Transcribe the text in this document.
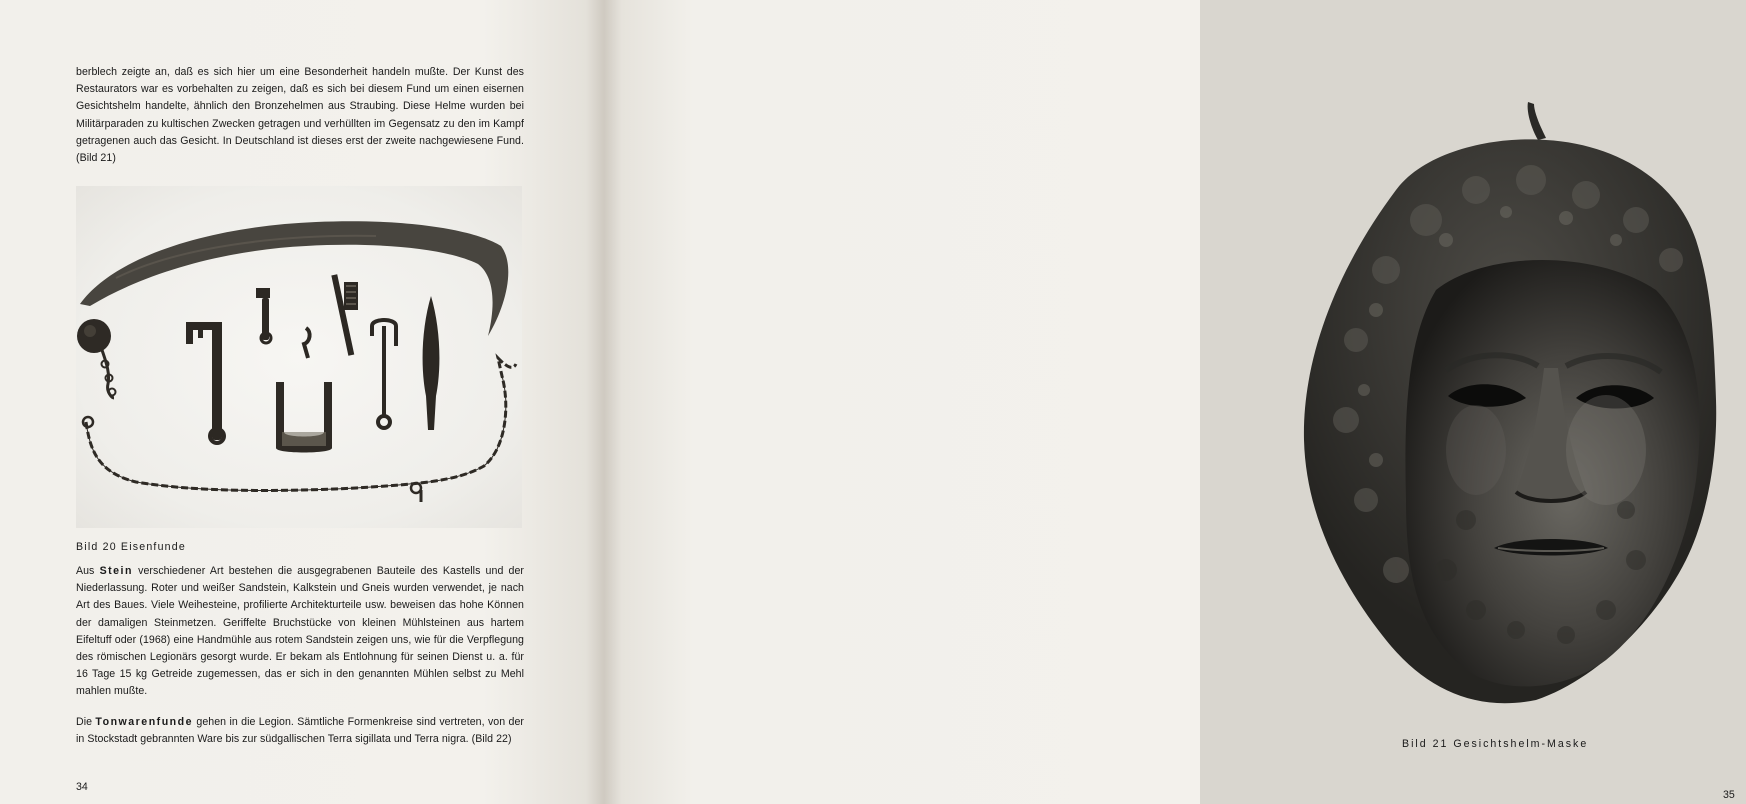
berblech zeigte an, daß es sich hier um eine Besonderheit handeln mußte. Der Kunst des Restaurators war es vorbehalten zu zeigen, daß es sich bei diesem Fund um einen eisernen Gesichtshelm handelte, ähnlich den Bronzehelmen aus Straubing. Diese Helme wurden bei Militärparaden zu kultischen Zwecken getragen und verhüllten im Gegensatz zu den im Kampf getragenen auch das Gesicht. In Deutschland ist dieses erst der zweite nachgewiesene Fund. (Bild 21)

Bild 20 Eisenfunde

Aus Stein verschiedener Art bestehen die ausgegrabenen Bauteile des Kastells und der Niederlassung. Roter und weißer Sandstein, Kalkstein und Gneis wurden verwendet, je nach Art des Baues. Viele Weihesteine, profilierte Architekturteile usw. beweisen das hohe Können der damaligen Steinmetzen. Geriffelte Bruchstücke von kleinen Mühlsteinen aus hartem Eifeltuff oder (1968) eine Handmühle aus rotem Sandstein zeigen uns, wie für die Verpflegung des römischen Legionärs gesorgt wurde. Er bekam als Entlohnung für seinen Dienst u. a. für 16 Tage 15 kg Getreide zugemessen, das er sich in den genannten Mühlen selbst zu Mehl mahlen mußte.

Die Tonwarenfunde gehen in die Legion. Sämtliche Formenkreise sind vertreten, von der in Stockstadt gebrannten Ware bis zur südgallischen Terra sigillata und Terra nigra. (Bild 22)

34

Bild 21 Gesichtshelm-Maske

35
